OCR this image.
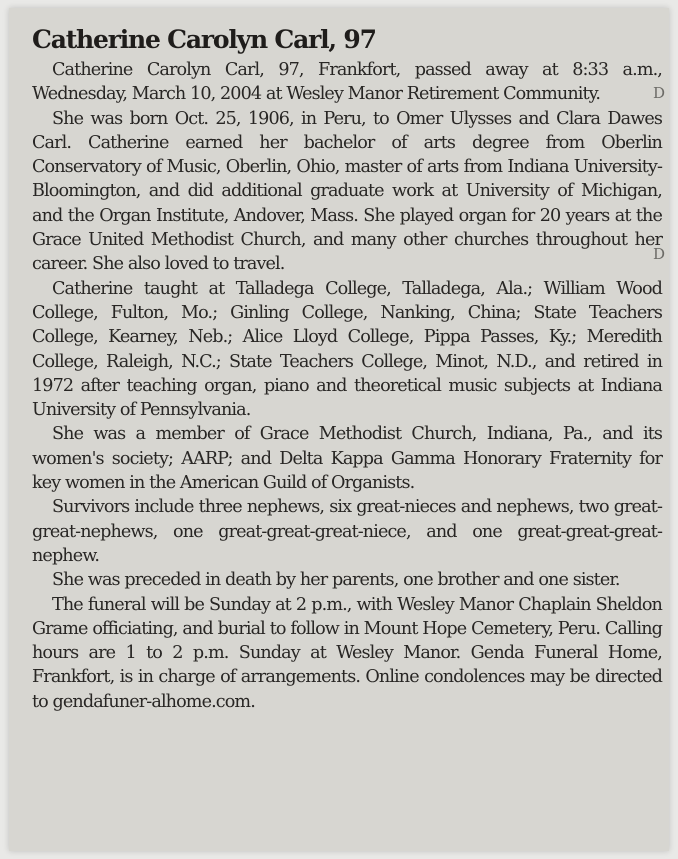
D
D
Catherine Carolyn Carl, 97

Catherine Carolyn Carl, 97, Frankfort, passed away at 8:33 a.m., Wednesday, March 10, 2004 at Wesley Manor Retirement Community.

She was born Oct. 25, 1906, in Peru, to Omer Ulysses and Clara Dawes Carl. Catherine earned her bachelor of arts degree from Oberlin Conservatory of Music, Oberlin, Ohio, master of arts from Indiana University-Bloomington, and did additional graduate work at University of Michigan, and the Organ Institute, Andover, Mass. She played organ for 20 years at the Grace United Methodist Church, and many other churches throughout her career. She also loved to travel.

Catherine taught at Talladega College, Talladega, Ala.; William Wood College, Fulton, Mo.; Ginling College, Nanking, China; State Teachers College, Kearney, Neb.; Alice Lloyd College, Pippa Passes, Ky.; Meredith College, Raleigh, N.C.; State Teachers College, Minot, N.D., and retired in 1972 after teaching organ, piano and theoretical music subjects at Indiana University of Pennsylvania.

She was a member of Grace Methodist Church, Indiana, Pa., and its women's society; AARP; and Delta Kappa Gamma Honorary Fraternity for key women in the American Guild of Organists.

Survivors include three nephews, six great-nieces and nephews, two great-great-nephews, one great-great-great-niece, and one great-great-great-nephew.

She was preceded in death by her parents, one brother and one sister.

The funeral will be Sunday at 2 p.m., with Wesley Manor Chaplain Sheldon Grame officiating, and burial to follow in Mount Hope Cemetery, Peru. Calling hours are 1 to 2 p.m. Sunday at Wesley Manor. Genda Funeral Home, Frankfort, is in charge of arrangements. Online condolences may be directed to gendafuner-alhome.com.
